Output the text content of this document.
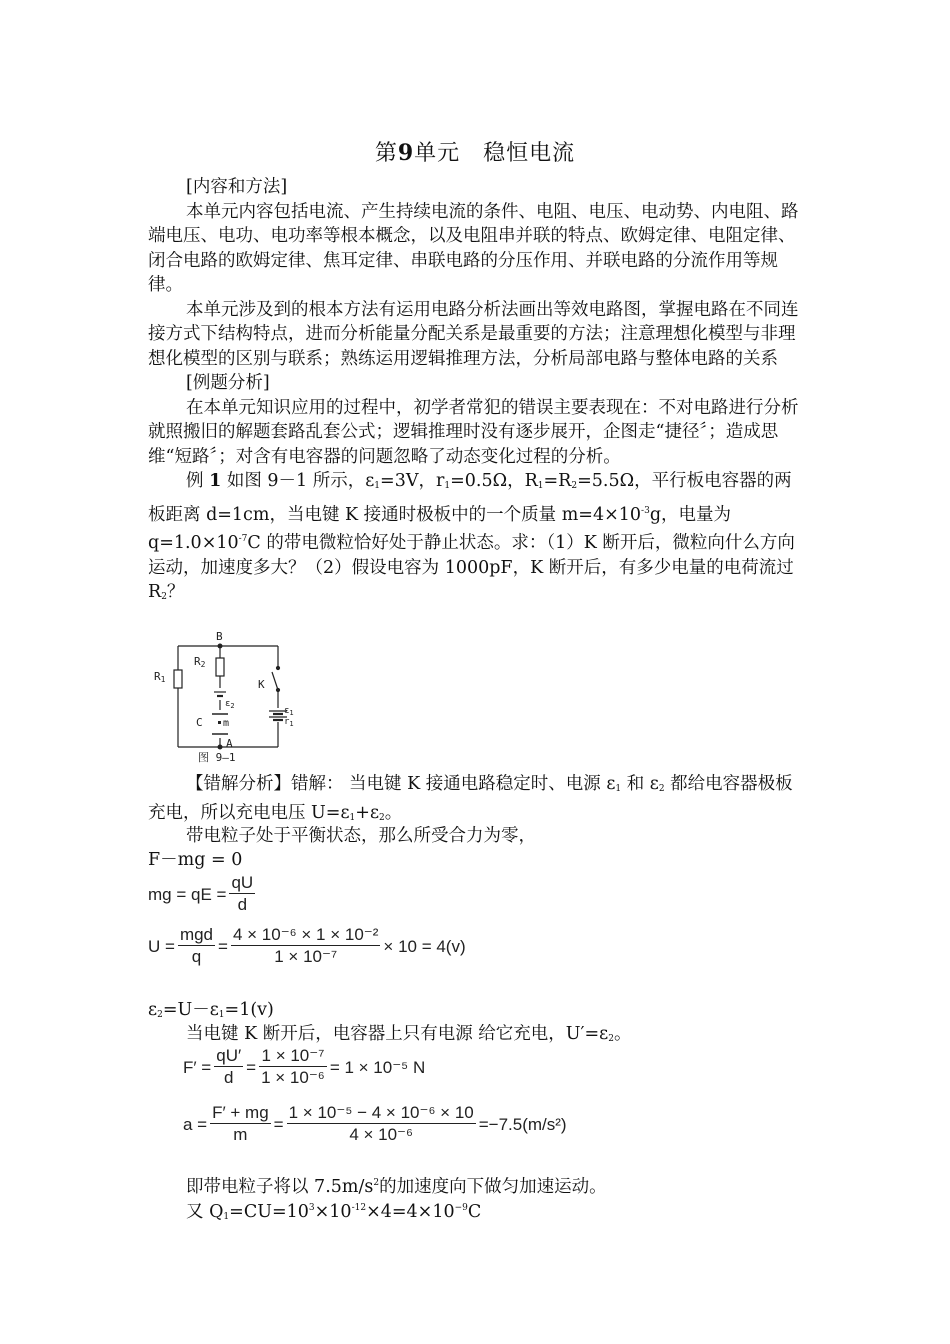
第9单元　稳恒电流

[内容和方法]

本单元内容包括电流、产生持续电流的条件、电阻、电压、电动势、内电阻、路端电压、电功、电功率等根本概念，以及电阻串并联的特点、欧姆定律、电阻定律、闭合电路的欧姆定律、焦耳定律、串联电路的分压作用、并联电路的分流作用等规律。

本单元涉及到的根本方法有运用电路分析法画出等效电路图，掌握电路在不同连接方式下结构特点，进而分析能量分配关系是最重要的方法；注意理想化模型与非理想化模型的区别与联系；熟练运用逻辑推理方法，分析局部电路与整体电路的关系

[例题分析]

在本单元知识应用的过程中，初学者常犯的错误主要表现在：不对电路进行分析就照搬旧的解题套路乱套公式；逻辑推理时没有逐步展开，企图走“捷径〞；造成思维“短路〞；对含有电容器的问题忽略了动态变化过程的分析。

例 1 如图 9－1 所示，$\varepsilon_1=3V$，$r_1=0.5\Omega$，$R_1=R_2=5.5\Omega$，平行板电容器的两板距离 d=1cm，当电键 K 接通时极板中的一个质量 $m=4\times 10^{-3}g$，电量为 $q=1.0\times 10^{-7}C$ 的带电微粒恰好处于静止状态。求：（1）K 断开后，微粒向什么方向运动，加速度多大？（2）假设电容为 1000pF，K 断开后，有多少电量的电荷流过 $R_2$？

B
A
R1
R2
K
$\varepsilon_2$
C m
$\varepsilon_1$
$r_1$
图 9—1
【错解分析】错解： 当电键 K 接通电路稳定时、电源 $\varepsilon_1$ 和 $\varepsilon_2$ 都给电容器极板充电，所以充电电压 $U=\varepsilon_1+\varepsilon_2$。
带电粒子处于平衡状态，那么所受合力为零，
F－mg = 0
mg = qE = $\frac{qU}{d}$
$U = \frac{\text{mgd}}{q} = \frac{\text{4 × 10⁻⁶ × 1 × 10⁻²}}{\text{1 × 10⁻⁷}} \times 10 = 4(v)$
$\varepsilon_2=U-\varepsilon_1=1(v)$
当电键 K 断开后，电容器上只有电源 给它充电，$U'=\varepsilon_2$。
$F' = \frac{qU'}{d} = \frac{\text{1 × 10⁻⁷}}{\text{1 × 10⁻⁶}} = 1 \times 10^{-5}$ N
$a = \frac{F' + mg}{m} = \frac{\text{1 × 10⁻⁵ − 4 × 10⁻⁶ × 10}}{\text{4 × 10⁻⁶}} =-7.5(m/s^2)$
即带电粒子将以 $7.5m/s^2$的加速度向下做匀加速运动。
又 $Q_1=CU=10^3\times 10^{-12}\times 4=4\times 10^{-9}C$
